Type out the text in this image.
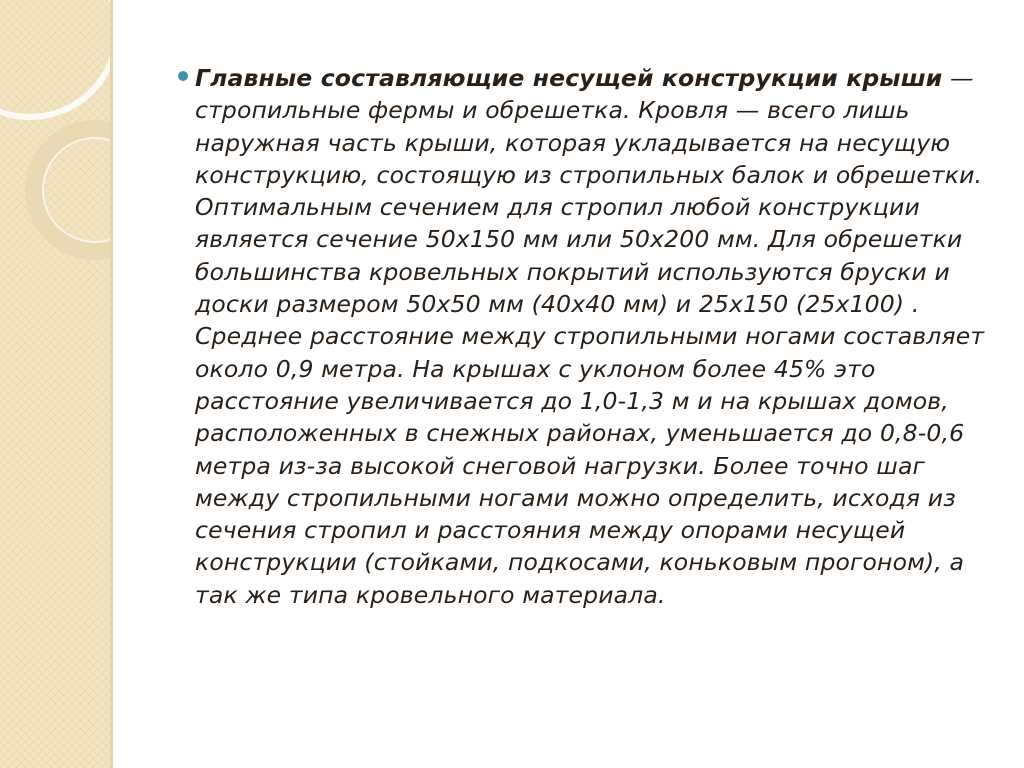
Главные составляющие несущей конструкции крыши — стропильные фермы и обрешетка. Кровля — всего лишь наружная часть крыши, которая укладывается на несущую конструкцию, состоящую из стропильных балок и обрешетки. Оптимальным сечением для стропил любой конструкции является сечение 50х150 мм или 50х200 мм. Для обрешетки большинства кровельных покрытий используются бруски и доски размером 50х50 мм (40х40 мм) и 25х150 (25х100) . Среднее расстояние между стропильными ногами составляет около 0,9 метра. На крышах с уклоном более 45% это расстояние увеличивается до 1,0-1,3 м и на крышах домов, расположенных в снежных районах, уменьшается до 0,8-0,6 метра из-за высокой снеговой нагрузки. Более точно шаг между стропильными ногами можно определить, исходя из сечения стропил и расстояния между опорами несущей конструкции (стойками, подкосами, коньковым прогоном), а так же типа кровельного материала.
